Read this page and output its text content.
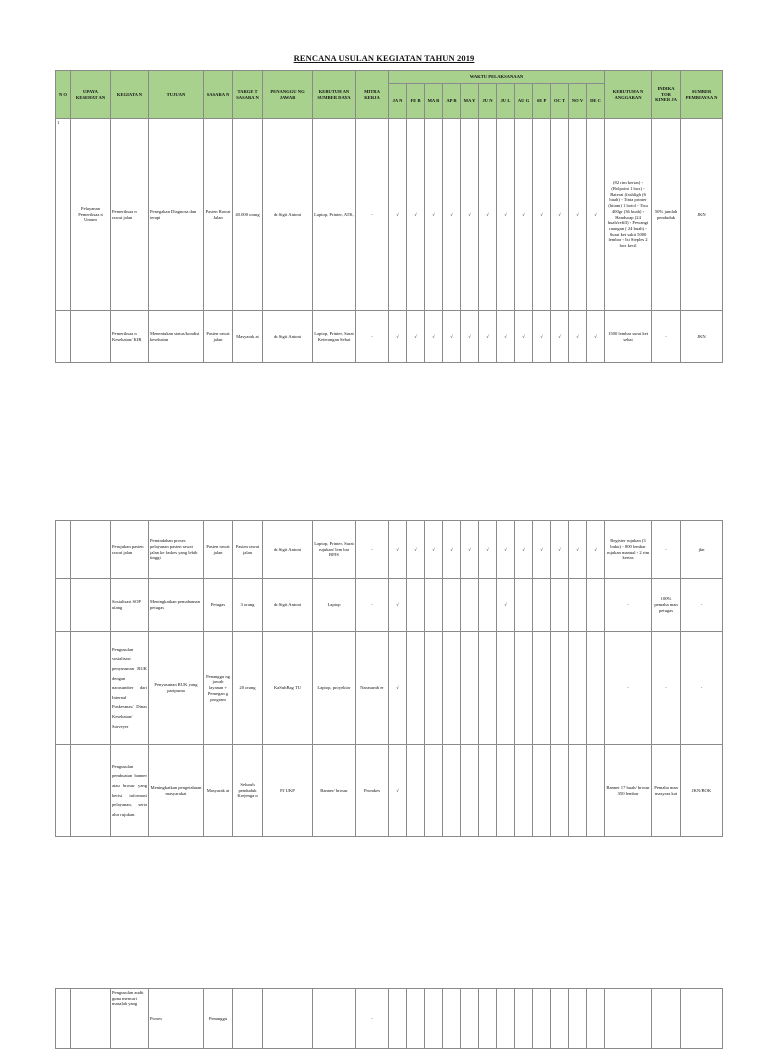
RENCANA USULAN KEGIATAN TAHUN 2019
N O	UPAYA KESEHAT AN	KEGIATA N	TUJUAN	SASARA N	TARGE T SASARA N	PENANGGU NG JAWAB	KEBUTUH AN SUMBER DAYA	MITRA KERJA	WAKTU PELAKSANAAN												KEBUTUHA N ANGGARAN	INDIKA TOR KINER JA	SUMBER PEMBIAYAA N
									JA N	FE B	MA R	AP R	MA Y	JU N	JU L	AU G	SE P	OC T	NO V	DE C			
1	Pelayanan Pemeriksaa n Umum	Pemeriksaa n rawat jalan	Penegakan Diagnosa dan terapi	Pasien Rawat Jalan	40.000 orang	dr.Sigit Antoni	Laptop, Printer, ATK,	-	√	√	√	√	√	√	√	√	√	√	√	√	(82 rim kertas) ◦ (Bolpoint 1 box) ◦ Baterai (fashligh (6 buah) ◦ Tinta printer (hitam) 1 botol ◦ Tisu 400gr (36 buah) ◦ Handsoap (24 buah/refill) ◦ Pewangi ruangan ( 24 buah) ◦ Surat ket sakit 5000 lembar ◦ Isi Steples 2 box kecil	50% jumlah penduduk	JKN
		Pemeriksaa n Kesehatan/ KIR	Menentukan status/kondisi kesehatan	Pasien rawat jalan	Masyarak at	dr.Sigit Antoni	Laptop, Printer, Surat Keterangan Sehat	-	√	√	√	√	√	√	√	√	√	√	√	√	1500 lembar surat ket sehat	-	JKN
		Perujukan pasien rawat jalan	Pemindahan proses pelayanan pasien rawat jalan ke faskes yang lebih tinggi	Pasien rawat jalan	Pasien rawat jalan	dr.Sigit Antoni	Laptop, Printer, Surat rujukan/ lem bar BPJS	-	√	√	√	√	√	√	√	√	√	√	√	√	Register rujukan (3 buku) ◦ 800 lembar rujukan manual ◦ 2 rim kertas	-	jkn
		Sosialisasi SOP ulang	Meningkatkan pemahaman petugas	Petugas	3 orang	dr.Sigit Antoni	Laptop	-	√						√						-	100% pemaha man petugas	-
		Pengusulan sosialisasi penyusunan RUK dengan narasumber dari Internal Puskesmas/ Dinas Kesehatan/ Surveyer	Penyusunan RUK yang paripurna	Penanggu ng jawab layanan + Pemegan g program	20 orang	KaSubBag TU	Laptop, proyektor	Narasumb er	√												-	-	-
		Pengusulan pembuatan banner atau brosur yang berisi informasi pelayanan, serta alur rujukan.	Meningkatkan pengetahuan masyarakat	Masyarak at	Seluruh penduduk Krejenga n	PJ UKP	Banner/ brosur	Promkes	√												Banner 17 buah/ brosur 350 lembar	Pemaha man masyara kat	JKN/BOK
		Pengusulan audit guna mencari masalah yang	Proses	Penanggu				-															
